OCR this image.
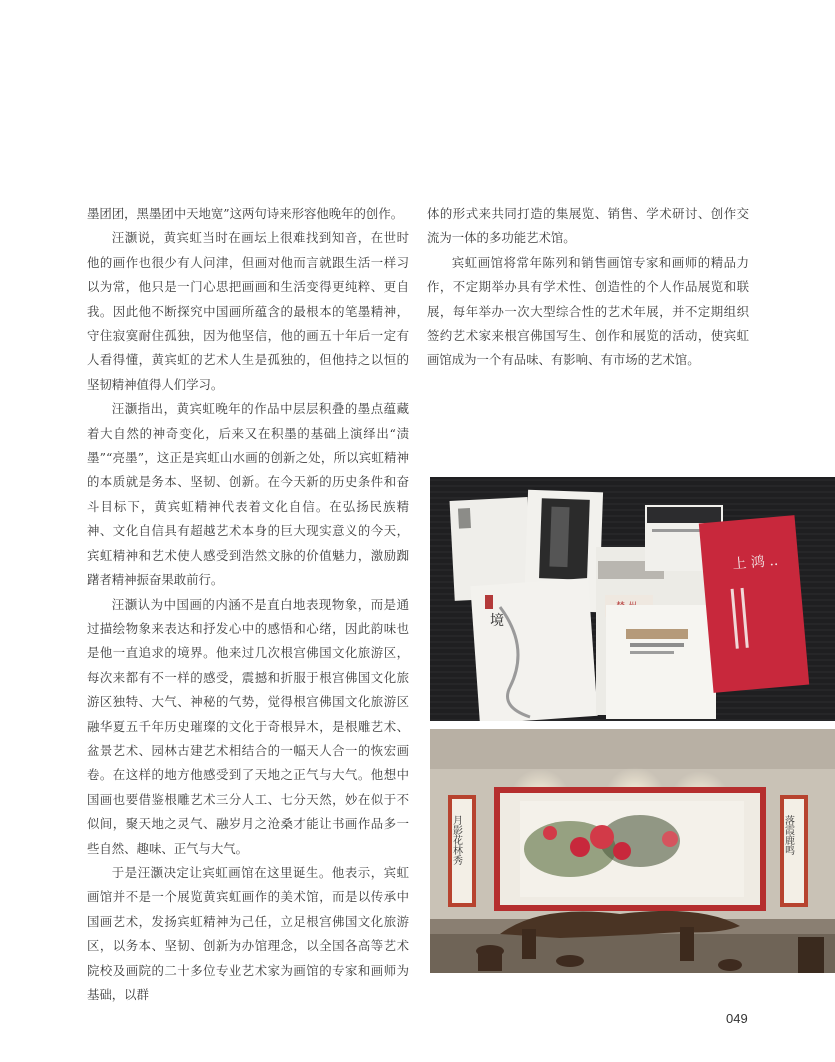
墨团团，黑墨团中天地宽”这两句诗来形容他晚年的创作。

汪灏说，黄宾虹当时在画坛上很难找到知音，在世时他的画作也很少有人问津，但画对他而言就跟生活一样习以为常，他只是一门心思把画画和生活变得更纯粹、更自我。因此他不断探究中国画所蕴含的最根本的笔墨精神，守住寂寞耐住孤独，因为他坚信，他的画五十年后一定有人看得懂，黄宾虹的艺术人生是孤独的，但他持之以恒的坚韧精神值得人们学习。

汪灏指出，黄宾虹晚年的作品中层层积叠的墨点蕴藏着大自然的神奇变化，后来又在积墨的基础上演绎出“渍墨”“亮墨”，这正是宾虹山水画的创新之处，所以宾虹精神的本质就是务本、坚韧、创新。在今天新的历史条件和奋斗目标下，黄宾虹精神代表着文化自信。在弘扬民族精神、文化自信具有超越艺术本身的巨大现实意义的今天，宾虹精神和艺术使人感受到浩然文脉的价值魅力，激励踟躇者精神振奋果敢前行。

汪灏认为中国画的内涵不是直白地表现物象，而是通过描绘物象来表达和抒发心中的感悟和心绪，因此韵味也是他一直追求的境界。他来过几次根宫佛国文化旅游区，每次来都有不一样的感受，震撼和折服于根宫佛国文化旅游区独特、大气、神秘的气势，觉得根宫佛国文化旅游区融华夏五千年历史璀璨的文化于奇根异木，是根雕艺术、盆景艺术、园林古建艺术相结合的一幅天人合一的恢宏画卷。在这样的地方他感受到了天地之正气与大气。他想中国画也要借鉴根雕艺术三分人工、七分天然，妙在似于不似间，聚天地之灵气、融岁月之沧桑才能让书画作品多一些自然、趣味、正气与大气。

于是汪灏决定让宾虹画馆在这里诞生。他表示，宾虹画馆并不是一个展览黄宾虹画作的美术馆，而是以传承中国画艺术，发扬宾虹精神为己任，立足根宫佛国文化旅游区，以务本、坚韧、创新为办馆理念，以全国各高等艺术院校及画院的二十多位专业艺术家为画馆的专家和画师为基础，以群

体的形式来共同打造的集展览、销售、学术研讨、创作交流为一体的多功能艺术馆。

宾虹画馆将常年陈列和销售画馆专家和画师的精品力作，不定期举办具有学术性、创造性的个人作品展览和联展，每年举办一次大型综合性的艺术年展，并不定期组织签约艺术家来根宫佛国写生、创作和展览的活动，使宾虹画馆成为一个有品味、有影响、有市场的艺术馆。

境
上 鸿 ..
月影花林秀	落霞鹿鸣
049
